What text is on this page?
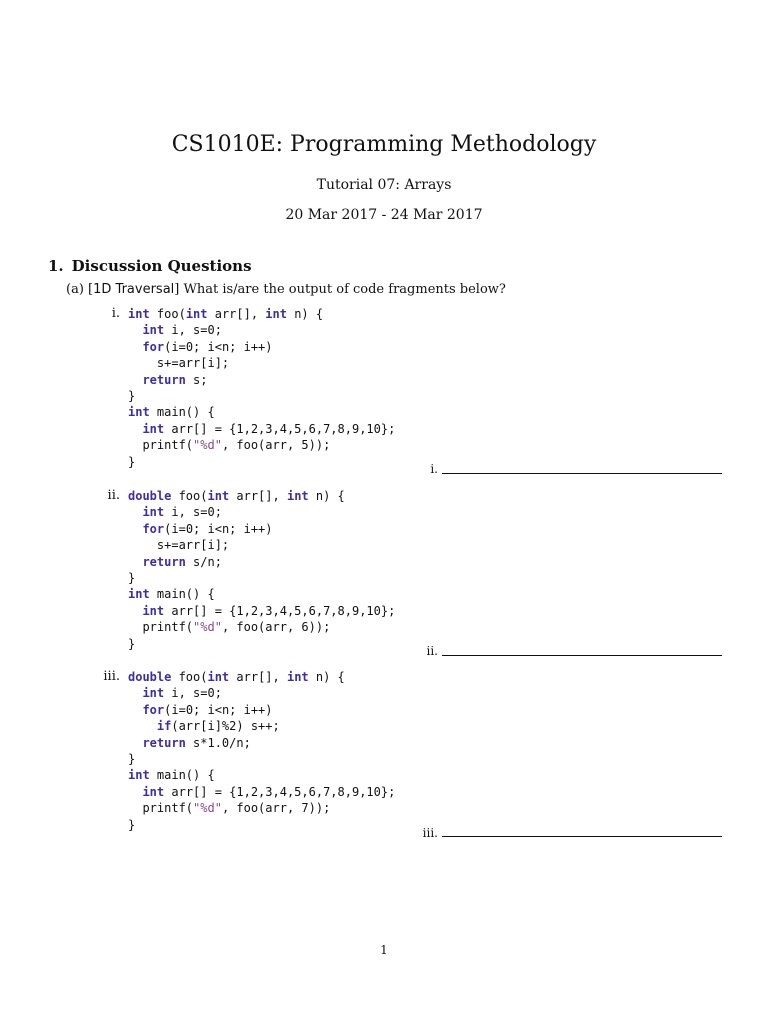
CS1010E: Programming Methodology
Tutorial 07: Arrays
20 Mar 2017 - 24 Mar 2017
1. Discussion Questions
(a) [1D Traversal] What is/are the output of code fragments below?
i. int foo(int arr[], int n) {
int i, s=0;
for(i=0; i<n; i++)
s+=arr[i];
return s;
}
int main() {
int arr[] = {1,2,3,4,5,6,7,8,9,10};
printf("%d", foo(arr, 5));
}
i.
ii. double foo(int arr[], int n) {
int i, s=0;
for(i=0; i<n; i++)
s+=arr[i];
return s/n;
}
int main() {
int arr[] = {1,2,3,4,5,6,7,8,9,10};
printf("%d", foo(arr, 6));
}
ii.
iii. double foo(int arr[], int n) {
int i, s=0;
for(i=0; i<n; i++)
if(arr[i]%2) s++;
return s*1.0/n;
}
int main() {
int arr[] = {1,2,3,4,5,6,7,8,9,10};
printf("%d", foo(arr, 7));
}
iii.
1
